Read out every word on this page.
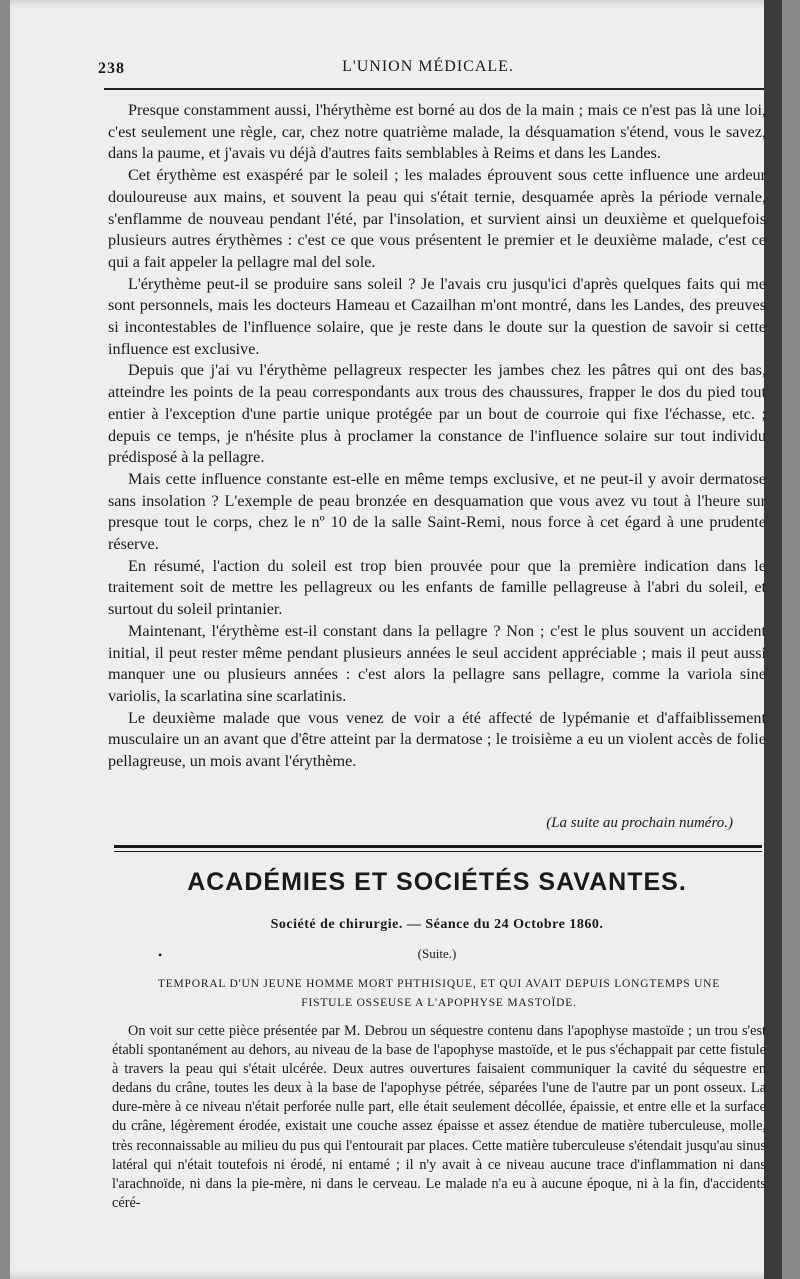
238	L'UNION MÉDICALE.

Presque constamment aussi, l'hérythème est borné au dos de la main ; mais ce n'est pas là une loi, c'est seulement une règle, car, chez notre quatrième malade, la désquamation s'étend, vous le savez, dans la paume, et j'avais vu déjà d'autres faits semblables à Reims et dans les Landes.

Cet érythème est exaspéré par le soleil ; les malades éprouvent sous cette influence une ardeur douloureuse aux mains, et souvent la peau qui s'était ternie, desquamée après la période vernale, s'enflamme de nouveau pendant l'été, par l'insolation, et survient ainsi un deuxième et quelquefois plusieurs autres érythèmes : c'est ce que vous présentent le premier et le deuxième malade, c'est ce qui a fait appeler la pellagre mal del sole.

L'érythème peut-il se produire sans soleil ? Je l'avais cru jusqu'ici d'après quelques faits qui me sont personnels, mais les docteurs Hameau et Cazailhan m'ont montré, dans les Landes, des preuves si incontestables de l'influence solaire, que je reste dans le doute sur la question de savoir si cette influence est exclusive.

Depuis que j'ai vu l'érythème pellagreux respecter les jambes chez les pâtres qui ont des bas, atteindre les points de la peau correspondants aux trous des chaussures, frapper le dos du pied tout entier à l'exception d'une partie unique protégée par un bout de courroie qui fixe l'échasse, etc. ; depuis ce temps, je n'hésite plus à proclamer la constance de l'influence solaire sur tout individu prédisposé à la pellagre.

Mais cette influence constante est-elle en même temps exclusive, et ne peut-il y avoir dermatose sans insolation ? L'exemple de peau bronzée en desquamation que vous avez vu tout à l'heure sur presque tout le corps, chez le nº 10 de la salle Saint-Remi, nous force à cet égard à une prudente réserve.

En résumé, l'action du soleil est trop bien prouvée pour que la première indication dans le traitement soit de mettre les pellagreux ou les enfants de famille pellagreuse à l'abri du soleil, et surtout du soleil printanier.

Maintenant, l'érythème est-il constant dans la pellagre ? Non ; c'est le plus souvent un accident initial, il peut rester même pendant plusieurs années le seul accident appréciable ; mais il peut aussi manquer une ou plusieurs années : c'est alors la pellagre sans pellagre, comme la variola sine variolis, la scarlatina sine scarlatinis.

Le deuxième malade que vous venez de voir a été affecté de lypémanie et d'affaiblissement musculaire un an avant que d'être atteint par la dermatose ; le troisième a eu un violent accès de folie pellagreuse, un mois avant l'érythème.

(La suite au prochain numéro.)
ACADÉMIES ET SOCIÉTÉS SAVANTES.
Société de chirurgie. — Séance du 24 Octobre 1860.
•	(Suite.)
TEMPORAL D'UN JEUNE HOMME MORT PHTHISIQUE, ET QUI AVAIT DEPUIS LONGTEMPS UNE
FISTULE OSSEUSE A L'APOPHYSE MASTOÏDE.

On voit sur cette pièce présentée par M. Debrou un séquestre contenu dans l'apophyse mastoïde ; un trou s'est établi spontanément au dehors, au niveau de la base de l'apophyse mastoïde, et le pus s'échappait par cette fistule à travers la peau qui s'était ulcérée. Deux autres ouvertures faisaient communiquer la cavité du séquestre en dedans du crâne, toutes les deux à la base de l'apophyse pétrée, séparées l'une de l'autre par un pont osseux. La dure-mère à ce niveau n'était perforée nulle part, elle était seulement décollée, épaissie, et entre elle et la surface du crâne, légèrement érodée, existait une couche assez épaisse et assez étendue de matière tuberculeuse, molle, très reconnaissable au milieu du pus qui l'entourait par places. Cette matière tuberculeuse s'étendait jusqu'au sinus latéral qui n'était toutefois ni érodé, ni entamé ; il n'y avait à ce niveau aucune trace d'inflammation ni dans l'arachnoïde, ni dans la pie-mère, ni dans le cerveau. Le malade n'a eu à aucune époque, ni à la fin, d'accidents céré-
